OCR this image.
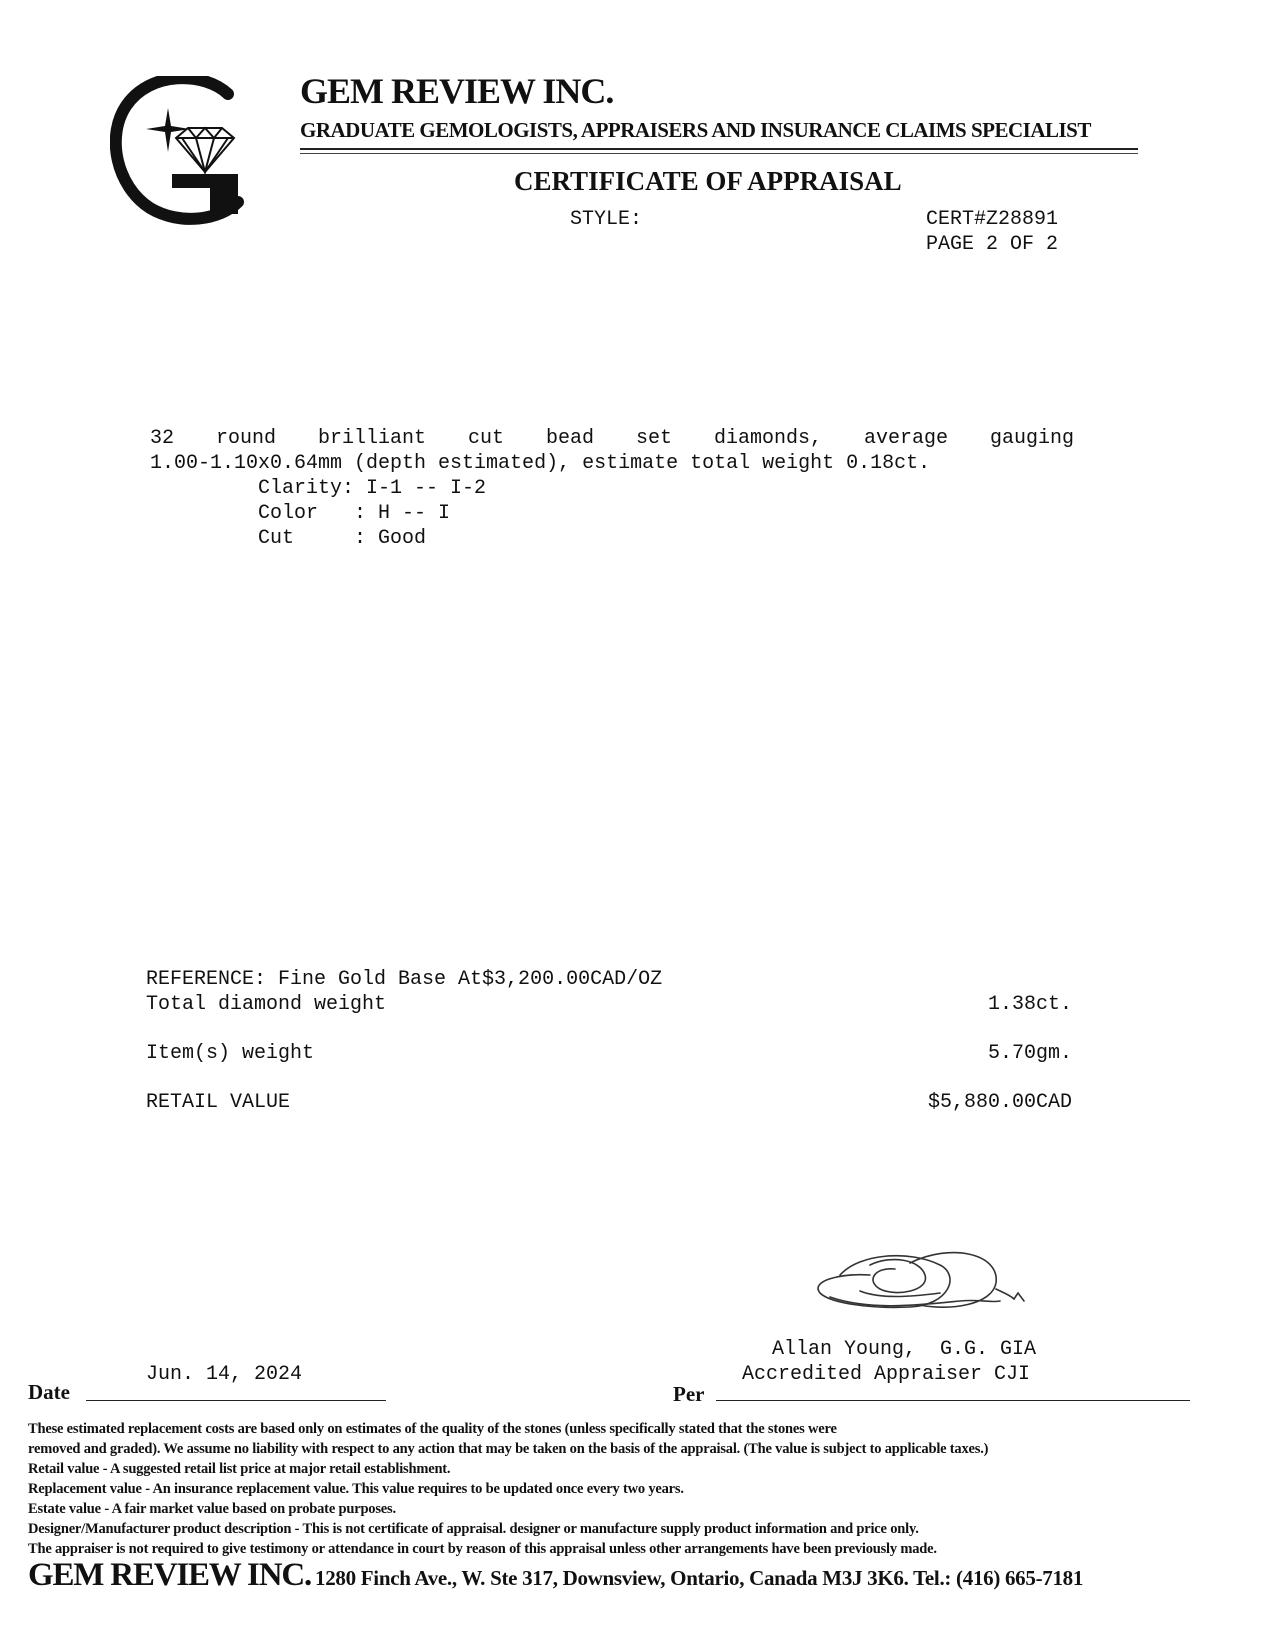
GEM REVIEW INC.
GRADUATE GEMOLOGISTS, APPRAISERS AND INSURANCE CLAIMS SPECIALIST
CERTIFICATE OF APPRAISAL
STYLE:	CERT#Z28891
PAGE 2 OF 2
32 round brilliant cut bead set diamonds, average gauging
1.00-1.10x0.64mm (depth estimated), estimate total weight 0.18ct.
Clarity: I-1 -- I-2
Color   : H -- I
Cut     : Good
REFERENCE: Fine Gold Base At$3,200.00CAD/OZ
Total diamond weight	1.38ct.
Item(s) weight	5.70gm.
RETAIL VALUE	$5,880.00CAD
Allan Young,  G.G. GIA
Accredited Appraiser CJI
Jun. 14, 2024
Date	Per
These estimated replacement costs are based only on estimates of the quality of the stones (unless specifically stated that the stones were
removed and graded). We assume no liability with respect to any action that may be taken on the basis of the appraisal. (The value is subject to applicable taxes.)
Retail value - A suggested retail list price at major retail establishment.
Replacement value - An insurance replacement value. This value requires to be updated once every two years.
Estate value - A fair market value based on probate purposes.
Designer/Manufacturer product description - This is not certificate of appraisal. designer or manufacture supply product information and price only.
The appraiser is not required to give testimony or attendance in court by reason of this appraisal unless other arrangements have been previously made.
GEM REVIEW INC. 1280 Finch Ave., W. Ste 317, Downsview, Ontario, Canada M3J 3K6. Tel.: (416) 665-7181
